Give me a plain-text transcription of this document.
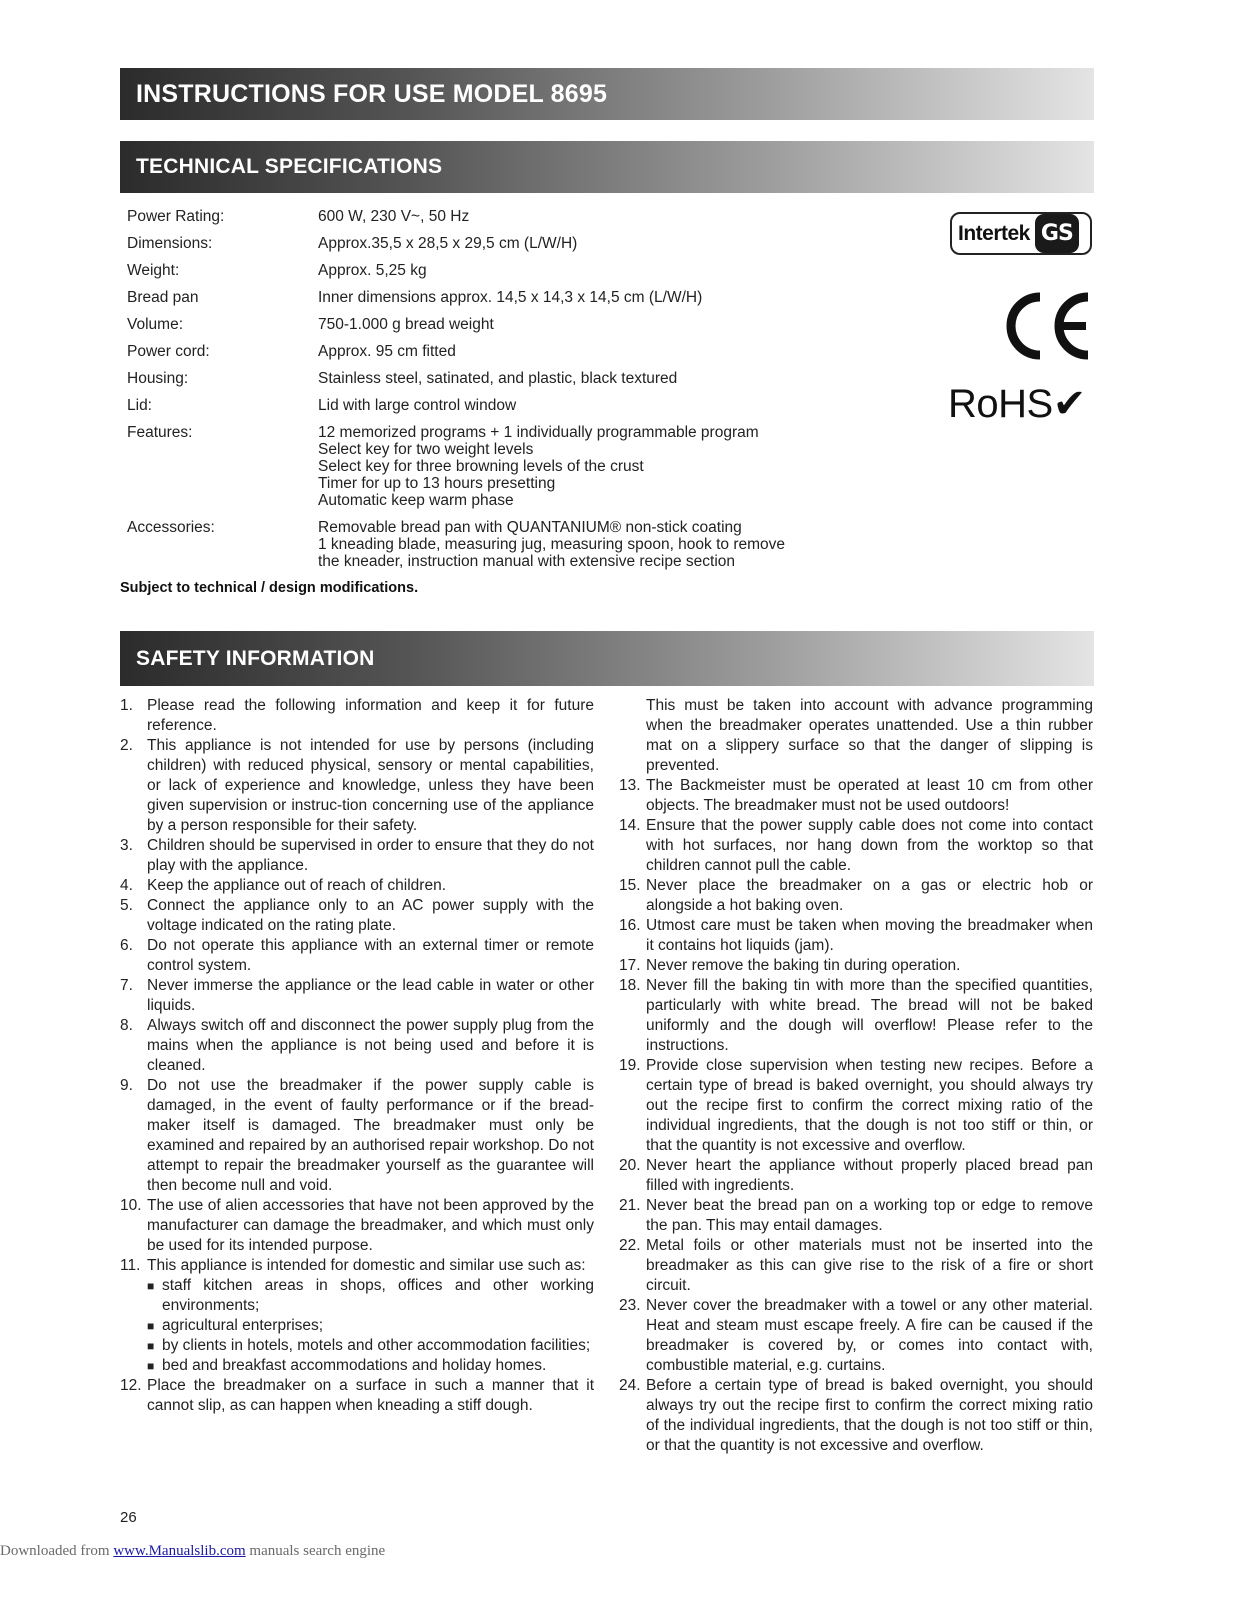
INSTRUCTIONS FOR USE MODEL 8695
TECHNICAL SPECIFICATIONS
Power Rating:	600 W, 230 V~, 50 Hz
Dimensions:	Approx.35,5 x 28,5 x 29,5 cm (L/W/H)
Weight:	Approx. 5,25 kg
Bread pan	Inner dimensions approx. 14,5 x 14,3 x 14,5 cm (L/W/H)
Volume:	750-1.000 g bread weight
Power cord:	Approx. 95 cm fitted
Housing:	Stainless steel, satinated, and plastic, black textured
Lid:	Lid with large control window
Features:	12 memorized programs + 1 individually programmable program
Select key for two weight levels
Select key for three browning levels of the crust
Timer for up to 13 hours presetting
Automatic keep warm phase
Accessories:	Removable bread pan with QUANTANIUM® non-stick coating
1 kneading blade, measuring jug, measuring spoon, hook to remove
the kneader, instruction manual with extensive recipe section
Subject to technical / design modifications.
Intertek GS
RoHS✔
SAFETY INFORMATION
1. Please read the following information and keep it for future reference.
2. This appliance is not intended for use by persons (including children) with reduced physical, sensory or mental capabilities, or lack of experience and knowledge, unless they have been given supervision or instruc-tion concerning use of the appliance by a person responsible for their safety.
3. Children should be supervised in order to ensure that they do not play with the appliance.
4. Keep the appliance out of reach of children.
5. Connect the appliance only to an AC power supply with the voltage indicated on the rating plate.
6. Do not operate this appliance with an external timer or remote control system.
7. Never immerse the appliance or the lead cable in water or other liquids.
8. Always switch off and disconnect the power supply plug from the mains when the appliance is not being used and before it is cleaned.
9. Do not use the breadmaker if the power supply cable is damaged, in the event of faulty performance or if the bread-maker itself is damaged. The breadmaker must only be examined and repaired by an authorised repair workshop. Do not attempt to repair the breadmaker yourself as the guarantee will then become null and void.
10. The use of alien accessories that have not been approved by the manufacturer can damage the breadmaker, and which must only be used for its intended purpose.
11. This appliance is intended for domestic and similar use such as:
■ staff kitchen areas in shops, offices and other working environments;
■ agricultural enterprises;
■ by clients in hotels, motels and other accommodation facilities;
■ bed and breakfast accommodations and holiday homes.
12. Place the breadmaker on a surface in such a manner that it cannot slip, as can happen when kneading a stiff dough.
This must be taken into account with advance programming when the breadmaker operates unattended. Use a thin rubber mat on a slippery surface so that the danger of slipping is prevented.
13. The Backmeister must be operated at least 10 cm from other objects. The breadmaker must not be used outdoors!
14. Ensure that the power supply cable does not come into contact with hot surfaces, nor hang down from the worktop so that children cannot pull the cable.
15. Never place the breadmaker on a gas or electric hob or alongside a hot baking oven.
16. Utmost care must be taken when moving the breadmaker when it contains hot liquids (jam).
17. Never remove the baking tin during operation.
18. Never fill the baking tin with more than the specified quantities, particularly with white bread. The bread will not be baked uniformly and the dough will overflow! Please refer to the instructions.
19. Provide close supervision when testing new recipes. Before a certain type of bread is baked overnight, you should always try out the recipe first to confirm the correct mixing ratio of the individual ingredients, that the dough is not too stiff or thin, or that the quantity is not excessive and overflow.
20. Never heart the appliance without properly placed bread pan filled with ingredients.
21. Never beat the bread pan on a working top or edge to remove the pan. This may entail damages.
22. Metal foils or other materials must not be inserted into the breadmaker as this can give rise to the risk of a fire or short circuit.
23. Never cover the breadmaker with a towel or any other material. Heat and steam must escape freely. A fire can be caused if the breadmaker is covered by, or comes into contact with, combustible material, e.g. curtains.
24. Before a certain type of bread is baked overnight, you should always try out the recipe first to confirm the correct mixing ratio of the individual ingredients, that the dough is not too stiff or thin, or that the quantity is not excessive and overflow.
26
Downloaded from www.Manualslib.com manuals search engine
